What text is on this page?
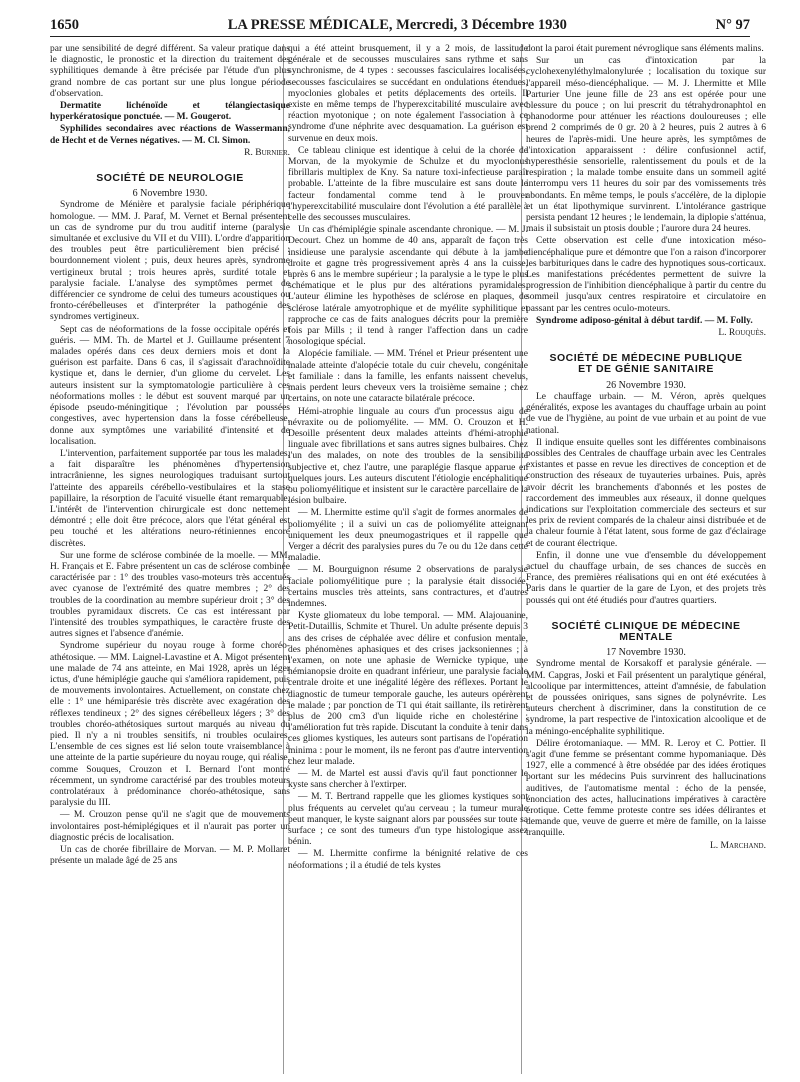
1650	LA PRESSE MÉDICALE, Mercredi, 3 Décembre 1930	N° 97

par une sensibilité de degré différent. Sa valeur pratique dans le diagnostic, le pronostic et la direction du traitement des syphilitiques demande à être précisée par l'étude d'un plus grand nombre de cas portant sur une plus longue période d'observation.

Dermatite lichénoïde et télangiectasique hyperkératosique ponctuée. — M. Gougerot.

Syphilides secondaires avec réactions de Wassermann, de Hecht et de Vernes négatives. — M. Cl. Simon.

R. Burnier.

SOCIÉTÉ DE NEUROLOGIE

6 Novembre 1930.

Syndrome de Ménière et paralysie faciale périphérique homologue. — MM. J. Paraf, M. Vernet et Bernal présentent un cas de syndrome pur du trou auditif interne (paralysie simultanée et exclusive du VII et du VIII). L'ordre d'apparition des troubles peut être particulièrement bien précisé : bourdonnement violent ; puis, deux heures après, syndrome vertigineux brutal ; trois heures après, surdité totale et paralysie faciale. L'analyse des symptômes permet de différencier ce syndrome de celui des tumeurs acoustiques ou fronto-cérébelleuses et d'interpréter la pathogénie des syndromes vertigineux.

Sept cas de néoformations de la fosse occipitale opérés et guéris. — MM. Th. de Martel et J. Guillaume présentent 7 malades opérés dans ces deux derniers mois et dont la guérison est parfaite. Dans 6 cas, il s'agissait d'arachnoïdite kystique et, dans le dernier, d'un gliome du cervelet. Les auteurs insistent sur la symptomatologie particulière à ces néoformations molles : le début est souvent marqué par un épisode pseudo-méningitique ; l'évolution par poussées congestives, avec hypertension dans la fosse cérébelleuse, donne aux symptômes une variabilité d'intensité et de localisation.

L'intervention, parfaitement supportée par tous les malades, a fait disparaître les phénomènes d'hypertension intracrânienne, les signes neurologiques traduisant surtout l'atteinte des appareils cérébello-vestibulaires et la stase papillaire, la résorption de l'acuité visuelle étant remarquable. L'intérêt de l'intervention chirurgicale est donc nettement démontré ; elle doit être précoce, alors que l'état général est peu touché et les altérations neuro-rétiniennes encore discrètes.

Sur une forme de sclérose combinée de la moelle. — MM. H. Français et E. Fabre présentent un cas de sclérose combinée caractérisée par : 1° des troubles vaso-moteurs très accentués avec cyanose de l'extrémité des quatre membres ; 2° des troubles de la coordination au membre supérieur droit ; 3° des troubles pyramidaux discrets. Ce cas est intéressant par l'intensité des troubles sympathiques, le caractère fruste des autres signes et l'absence d'anémie.

Syndrome supérieur du noyau rouge à forme choréo-athétosique. — MM. Laignel-Lavastine et A. Migot présentent une malade de 74 ans atteinte, en Mai 1928, après un léger ictus, d'une hémiplégie gauche qui s'améliora rapidement, puis de mouvements involontaires. Actuellement, on constate chez elle : 1° une hémiparésie très discrète avec exagération des réflexes tendineux ; 2° des signes cérébelleux légers ; 3° des troubles choréo-athétosiques surtout marqués au niveau du pied. Il n'y a ni troubles sensitifs, ni troubles oculaires. L'ensemble de ces signes est lié selon toute vraisemblance à une atteinte de la partie supérieure du noyau rouge, qui réalise, comme Souques, Crouzon et I. Bernard l'ont montré récemment, un syndrome caractérisé par des troubles moteurs controlatéraux à prédominance choréo-athétosique, sans paralysie du III.

— M. Crouzon pense qu'il ne s'agit que de mouvements involontaires post-hémiplégiques et il n'aurait pas porter un diagnostic précis de localisation.

Un cas de chorée fibrillaire de Morvan. — M. P. Mollaret présente un malade âgé de 25 ans

qui a été atteint brusquement, il y a 2 mois, de lassitude générale et de secousses musculaires sans rythme et sans synchronisme, de 4 types : secousses fasciculaires localisées, secousses fasciculaires se succédant en ondulations étendues, myoclonies globales et petits déplacements des orteils. Il existe en même temps de l'hyperexcitabilité musculaire avec réaction myotonique ; on note également l'association à ce syndrome d'une néphrite avec desquamation. La guérison est survenue en deux mois.

Ce tableau clinique est identique à celui de la chorée de Morvan, de la myokymie de Schulze et du myoclonus fibrillaris multiplex de Kny. Sa nature toxi-infectieuse paraît probable. L'atteinte de la fibre musculaire est sans doute le facteur fondamental comme tend à le prouver l'hyperexcitabilité musculaire dont l'évolution a été parallèle à celle des secousses musculaires.

Un cas d'hémiplégie spinale ascendante chronique. — M. J. Decourt. Chez un homme de 40 ans, apparaît de façon très insidieuse une paralysie ascendante qui débute à la jambe droite et gagne très progressivement après 4 ans la cuisse, après 6 ans le membre supérieur ; la paralysie a le type le plus schématique et le plus pur des altérations pyramidales. L'auteur élimine les hypothèses de sclérose en plaques, de sclérose latérale amyotrophique et de myélite syphilitique et rapproche ce cas de faits analogues décrits pour la première fois par Mills ; il tend à ranger l'affection dans un cadre nosologique spécial.

Alopécie familiale. — MM. Trénel et Prieur présentent une malade atteinte d'alopécie totale du cuir chevelu, congénitale et familiale : dans la famille, les enfants naissent chevelus, mais perdent leurs cheveux vers la troisième semaine ; chez certains, on note une cataracte bilatérale précoce.

Hémi-atrophie linguale au cours d'un processus aigu de névraxite ou de poliomyélite. — MM. O. Crouzon et H. Desoille présentent deux malades atteints d'hémi-atrophie linguale avec fibrillations et sans autres signes bulbaires. Chez l'un des malades, on note des troubles de la sensibilité subjective et, chez l'autre, une paraplégie flasque apparue en quelques jours. Les auteurs discutent l'étiologie encéphalitique ou poliomyélitique et insistent sur le caractère parcellaire de la lésion bulbaire.

— M. Lhermitte estime qu'il s'agit de formes anormales de poliomyélite ; il a suivi un cas de poliomyélite atteignant uniquement les deux pneumogastriques et il rappelle que Verger a décrit des paralysies pures du 7e ou du 12e dans cette maladie.

— M. Bourguignon résume 2 observations de paralysie faciale poliomyélitique pure ; la paralysie était dissociée, certains muscles très atteints, sans contractures, et d'autres indemnes.

Kyste gliomateux du lobe temporal. — MM. Alajouanine, Petit-Dutaillis, Schmite et Thurel. Un adulte présente depuis 3 ans des crises de céphalée avec délire et confusion mentale, des phénomènes aphasiques et des crises jacksoniennes ; à l'examen, on note une aphasie de Wernicke typique, une hémianopsie droite en quadrant inférieur, une paralysie faciale centrale droite et une inégalité légère des réflexes. Portant le diagnostic de tumeur temporale gauche, les auteurs opérèrent le malade ; par ponction de T1 qui était saillante, ils retirèrent plus de 200 cm3 d'un liquide riche en cholestérine ; l'amélioration fut très rapide. Discutant la conduite à tenir dans ces gliomes kystiques, les auteurs sont partisans de l'opération minima : pour le moment, ils ne feront pas d'autre intervention chez leur malade.

— M. de Martel est aussi d'avis qu'il faut ponctionner le kyste sans chercher à l'extirper.

— M. T. Bertrand rappelle que les gliomes kystiques sont plus fréquents au cervelet qu'au cerveau ; la tumeur murale peut manquer, le kyste saignant alors par poussées sur toute sa surface ; ce sont des tumeurs d'un type histologique assez bénin.

— M. Lhermitte confirme la bénignité relative de ces néoformations ; il a étudié de tels kystes

dont la paroi était purement névroglique sans éléments malins.

Sur un cas d'intoxication par la cyclohexenyléthylmalonylurée ; localisation du toxique sur l'appareil méso-diencéphalique. — M. J. Lhermitte et Mlle Parturier Une jeune fille de 23 ans est opérée pour une blessure du pouce ; on lui prescrit du tétrahydronaphtol en phanodorme pour atténuer les réactions douloureuses ; elle prend 2 comprimés de 0 gr. 20 à 2 heures, puis 2 autres à 6 heures de l'après-midi. Une heure après, les symptômes de l'intoxication apparaissent : délire confusionnel actif, hyperesthésie sensorielle, ralentissement du pouls et de la respiration ; la malade tombe ensuite dans un sommeil agité interrompu vers 11 heures du soir par des vomissements très abondants. En même temps, le pouls s'accélère, de la diplopie et un état lipothymique survinrent. L'intolérance gastrique persista pendant 12 heures ; le lendemain, la diplopie s'atténua, mais il subsistait un ptosis double ; l'aurore dura 24 heures.

Cette observation est celle d'une intoxication méso-diencéphalique pure et démontre que l'on a raison d'incorporer les barbituriques dans le cadre des hypnotiques sous-corticaux. Les manifestations précédentes permettent de suivre la progression de l'inhibition diencéphalique à partir du centre du sommeil jusqu'aux centres respiratoire et circulatoire en passant par les centres oculo-moteurs.

Syndrome adiposo-génital à début tardif. — M. Folly.

L. Rouquès.

SOCIÉTÉ DE MÉDECINE PUBLIQUE
ET DE GÉNIE SANITAIRE

26 Novembre 1930.

Le chauffage urbain. — M. Véron, après quelques généralités, expose les avantages du chauffage urbain au point de vue de l'hygiène, au point de vue urbain et au point de vue national.

Il indique ensuite quelles sont les différentes combinaisons possibles des Centrales de chauffage urbain avec les Centrales existantes et passe en revue les directives de conception et de construction des réseaux de tuyauteries urbaines. Puis, après avoir décrit les branchements d'abonnés et les postes de raccordement des immeubles aux réseaux, il donne quelques indications sur l'exploitation commerciale des secteurs et sur les prix de revient comparés de la chaleur ainsi distribuée et de la chaleur fournie à l'état latent, sous forme de gaz d'éclairage et de courant électrique.

Enfin, il donne une vue d'ensemble du développement actuel du chauffage urbain, de ses chances de succès en France, des premières réalisations qui en ont été exécutées à Paris dans le quartier de la gare de Lyon, et des projets très poussés qui ont été étudiés pour d'autres quartiers.

SOCIÉTÉ CLINIQUE DE MÉDECINE MENTALE

17 Novembre 1930.

Syndrome mental de Korsakoff et paralysie générale. — MM. Capgras, Joski et Fail présentent un paralytique général, alcoolique par intermittences, atteint d'amnésie, de fabulation et de poussées oniriques, sans signes de polynévrite. Les auteurs cherchent à discriminer, dans la constitution de ce syndrome, la part respective de l'intoxication alcoolique et de la méningo-encéphalite syphilitique.

Délire érotomaniaque. — MM. R. Leroy et C. Pottier. Il s'agit d'une femme se présentant comme hypomaniaque. Dès 1927, elle a commencé à être obsédée par des idées érotiques portant sur les médecins Puis survinrent des hallucinations auditives, de l'automatisme mental : écho de la pensée, énonciation des actes, hallucinations impératives à caractère érotique. Cette femme proteste contre ses idées délirantes et demande que, veuve de guerre et mère de famille, on la laisse tranquille.

L. Marchand.
